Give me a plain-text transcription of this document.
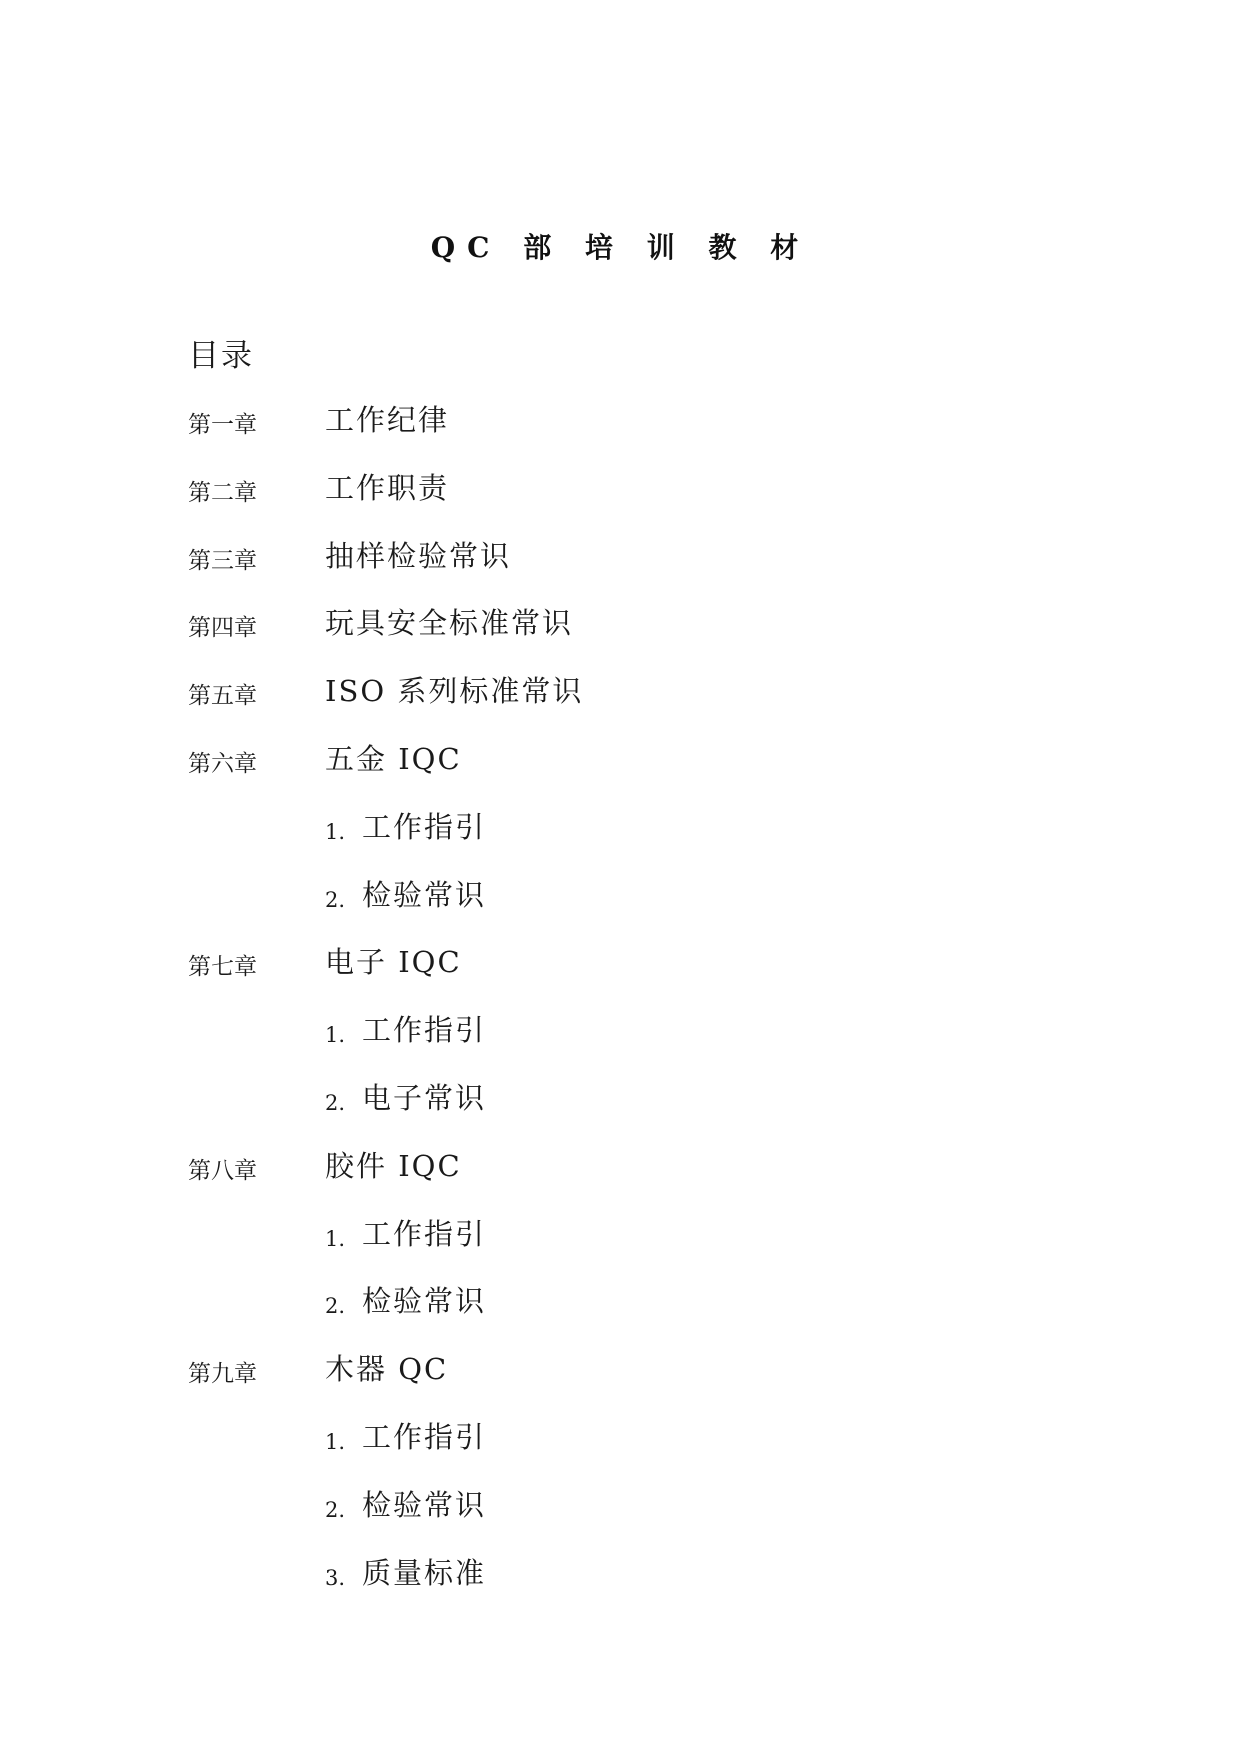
QC 部 培 训 教 材
目录
第一章 工作纪律
第二章 工作职责
第三章 抽样检验常识
第四章 玩具安全标准常识
第五章 ISO 系列标准常识
第六章 五金 IQC
1. 工作指引
2. 检验常识
第七章 电子 IQC
1. 工作指引
2. 电子常识
第八章 胶件 IQC
1. 工作指引
2. 检验常识
第九章 木器 QC
1. 工作指引
2. 检验常识
3. 质量标准
